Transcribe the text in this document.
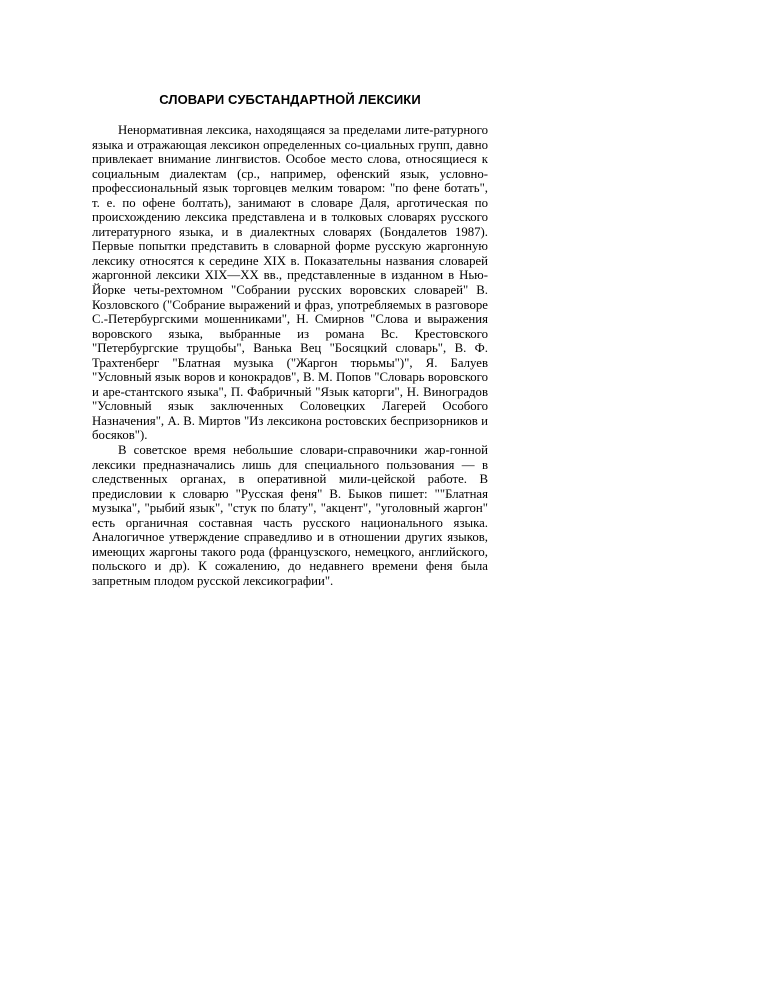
СЛОВАРИ СУБСТАНДАРТНОЙ ЛЕКСИКИ

Ненормативная лексика, находящаяся за пределами лите-ратурного языка и отражающая лексикон определенных со-циальных групп, давно привлекает внимание лингвистов. Особое место слова, относящиеся к социальным диалектам (ср., например, офенский язык, условно-профессиональный язык торговцев мелким товаром: "по фене ботать", т. е. по офене болтать), занимают в словаре Даля, арготическая по происхождению лексика представлена и в толковых словарях русского литературного языка, и в диалектных словарях (Бондалетов 1987). Первые попытки представить в словарной форме русскую жаргонную лексику относятся к середине XIX в. Показательны названия словарей жаргонной лексики XIX—XX вв., представленные в изданном в Нью-Йорке четы-рехтомном "Собрании русских воровских словарей" В. Козловского ("Собрание выражений и фраз, употребляемых в разговоре С.-Петербургскими мошенниками", Н. Смирнов "Слова и выражения воровского языка, выбранные из романа Вс. Крестовского "Петербургские трущобы", Ванька Вец "Босяцкий словарь", В. Ф. Трахтенберг "Блатная музыка ("Жаргон тюрьмы")", Я. Балуев "Условный язык воров и конокрадов", В. М. Попов "Словарь воровского и аре-стантского языка", П. Фабричный "Язык каторги", Н. Виноградов "Условный язык заключенных Соловецких Лагерей Особого Назначения", А. В. Миртов "Из лексикона ростовских беспризорников и босяков").

В советское время небольшие словари-справочники жар-гонной лексики предназначались лишь для специального пользования — в следственных органах, в оперативной мили-цейской работе. В предисловии к словарю "Русская феня" В. Быков пишет: ""Блатная музыка", "рыбий язык", "стук по блату", "акцент", "уголовный жаргон" есть органичная составная часть русского национального языка. Аналогичное утверждение справедливо и в отношении других языков, имеющих жаргоны такого рода (французского, немецкого, английского, польского и др). К сожалению, до недавнего времени феня была запретным плодом русской лексикографии".
